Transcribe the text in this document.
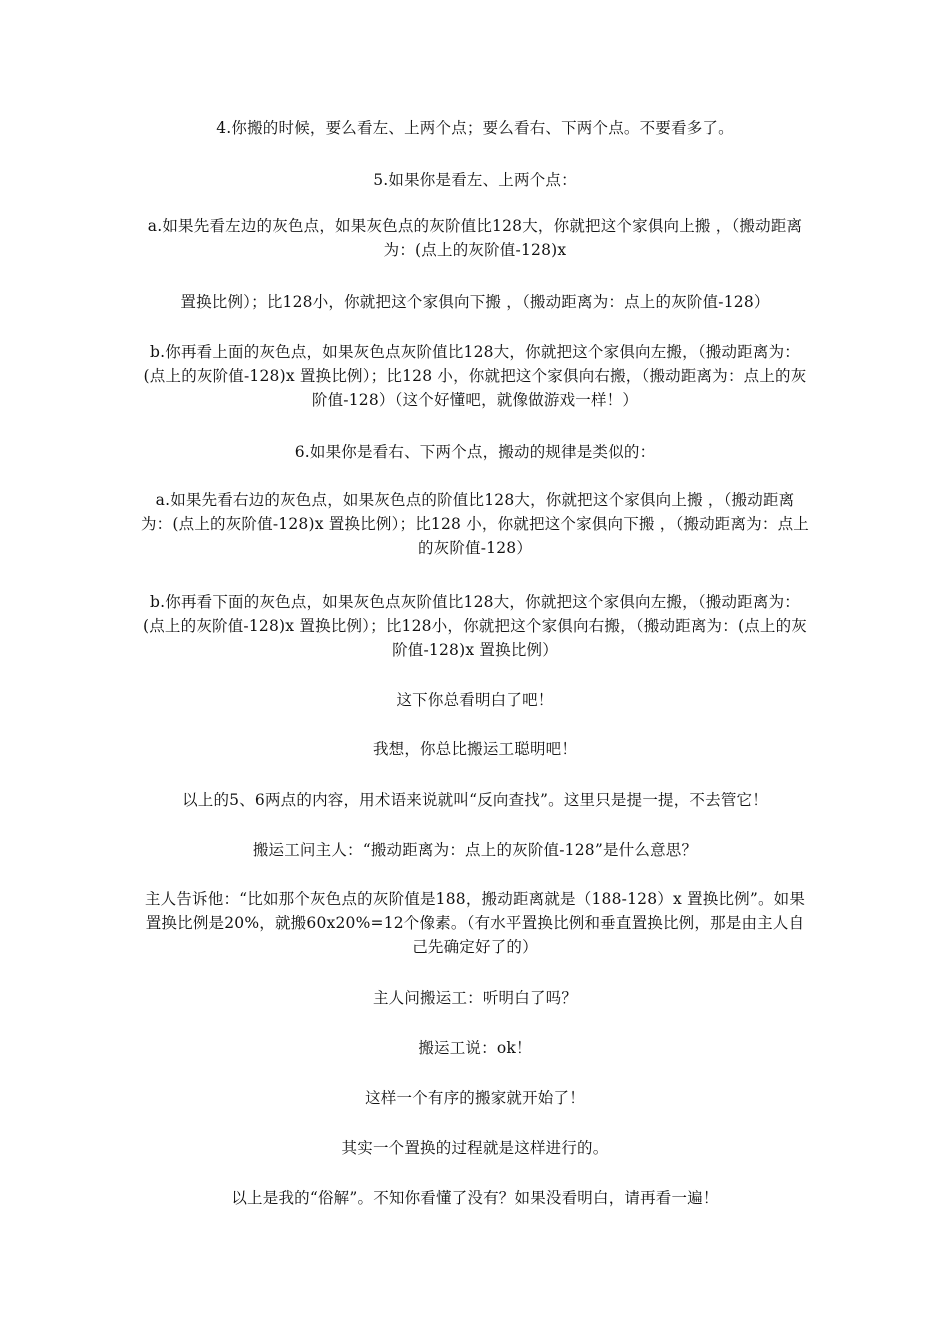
4.你搬的时候，要么看左、上两个点；要么看右、下两个点。不要看多了。

5.如果你是看左、上两个点：

a.如果先看左边的灰色点，如果灰色点的灰阶值比128大，你就把这个家俱向上搬 ，（搬动距离为：(点上的灰阶值-128)x

置换比例）；比128小，你就把这个家俱向下搬 ，（搬动距离为：点上的灰阶值-128）

b.你再看上面的灰色点，如果灰色点灰阶值比128大，你就把这个家俱向左搬，（搬动距离为：(点上的灰阶值-128)x 置换比例）；比128 小，你就把这个家俱向右搬，（搬动距离为：点上的灰阶值-128）（这个好懂吧，就像做游戏一样！）

6.如果你是看右、下两个点，搬动的规律是类似的：

a.如果先看右边的灰色点，如果灰色点的阶值比128大，你就把这个家俱向上搬 ，（搬动距离为：(点上的灰阶值-128)x 置换比例）；比128 小，你就把这个家俱向下搬 ，（搬动距离为：点上的灰阶值-128）

b.你再看下面的灰色点，如果灰色点灰阶值比128大，你就把这个家俱向左搬，（搬动距离为：(点上的灰阶值-128)x 置换比例）；比128小，你就把这个家俱向右搬，（搬动距离为：(点上的灰阶值-128)x 置换比例）

这下你总看明白了吧！

我想，你总比搬运工聪明吧！

以上的5、6两点的内容，用术语来说就叫“反向查找”。这里只是提一提，不去管它！

搬运工问主人：“搬动距离为：点上的灰阶值-128”是什么意思？

主人告诉他：“比如那个灰色点的灰阶值是188，搬动距离就是（188-128）x 置换比例”。如果置换比例是20%，就搬60x20%=12个像素。（有水平置换比例和垂直置换比例，那是由主人自己先确定好了的）

主人问搬运工：听明白了吗？

搬运工说：ok！

这样一个有序的搬家就开始了！

其实一个置换的过程就是这样进行的。

以上是我的“俗解”。不知你看懂了没有？如果没看明白，请再看一遍！
